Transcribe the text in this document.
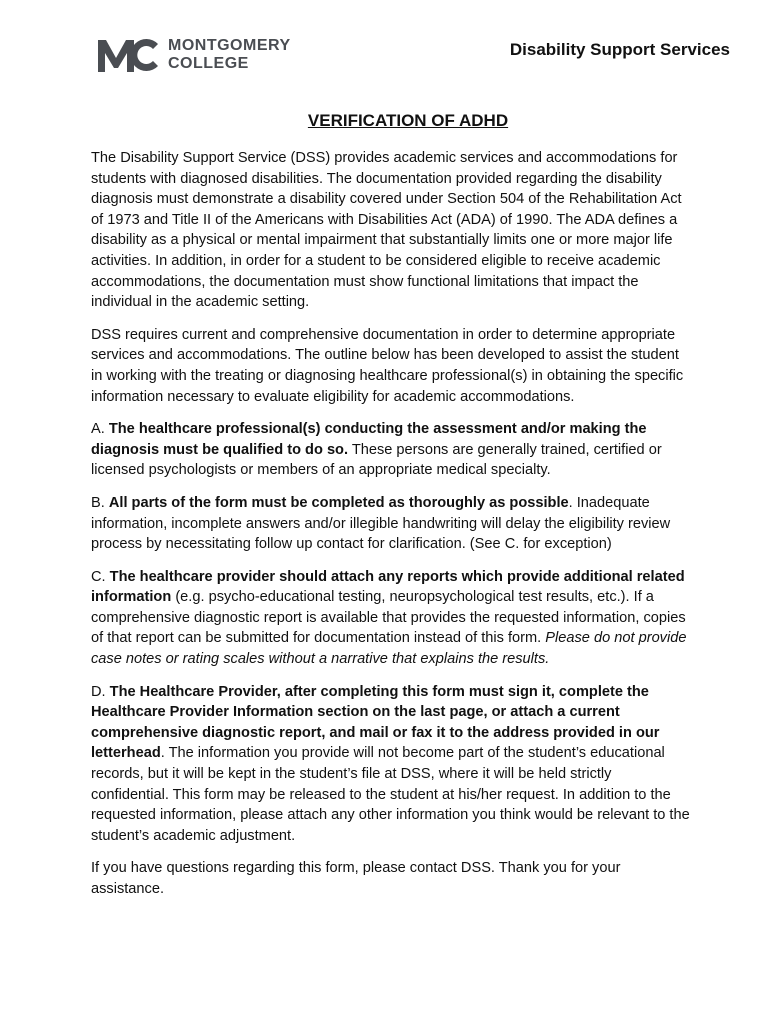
MONTGOMERY
COLLEGE
Disability Support Services
VERIFICATION OF ADHD

The Disability Support Service (DSS) provides academic services and accommodations for students with diagnosed disabilities. The documentation provided regarding the disability diagnosis must demonstrate a disability covered under Section 504 of the Rehabilitation Act of 1973 and Title II of the Americans with Disabilities Act (ADA) of 1990. The ADA defines a disability as a physical or mental impairment that substantially limits one or more major life activities. In addition, in order for a student to be considered eligible to receive academic accommodations, the documentation must show functional limitations that impact the individual in the academic setting.

DSS requires current and comprehensive documentation in order to determine appropriate services and accommodations. The outline below has been developed to assist the student in working with the treating or diagnosing healthcare professional(s) in obtaining the specific information necessary to evaluate eligibility for academic accommodations.

A. The healthcare professional(s) conducting the assessment and/or making the diagnosis must be qualified to do so. These persons are generally trained, certified or licensed psychologists or members of an appropriate medical specialty.

B. All parts of the form must be completed as thoroughly as possible. Inadequate information, incomplete answers and/or illegible handwriting will delay the eligibility review process by necessitating follow up contact for clarification. (See C. for exception)

C. The healthcare provider should attach any reports which provide additional related information (e.g. psycho-educational testing, neuropsychological test results, etc.). If a comprehensive diagnostic report is available that provides the requested information, copies of that report can be submitted for documentation instead of this form. Please do not provide case notes or rating scales without a narrative that explains the results.

D. The Healthcare Provider, after completing this form must sign it, complete the Healthcare Provider Information section on the last page, or attach a current comprehensive diagnostic report, and mail or fax it to the address provided in our letterhead. The information you provide will not become part of the student’s educational records, but it will be kept in the student’s file at DSS, where it will be held strictly confidential. This form may be released to the student at his/her request. In addition to the requested information, please attach any other information you think would be relevant to the student’s academic adjustment.

If you have questions regarding this form, please contact DSS. Thank you for your assistance.
